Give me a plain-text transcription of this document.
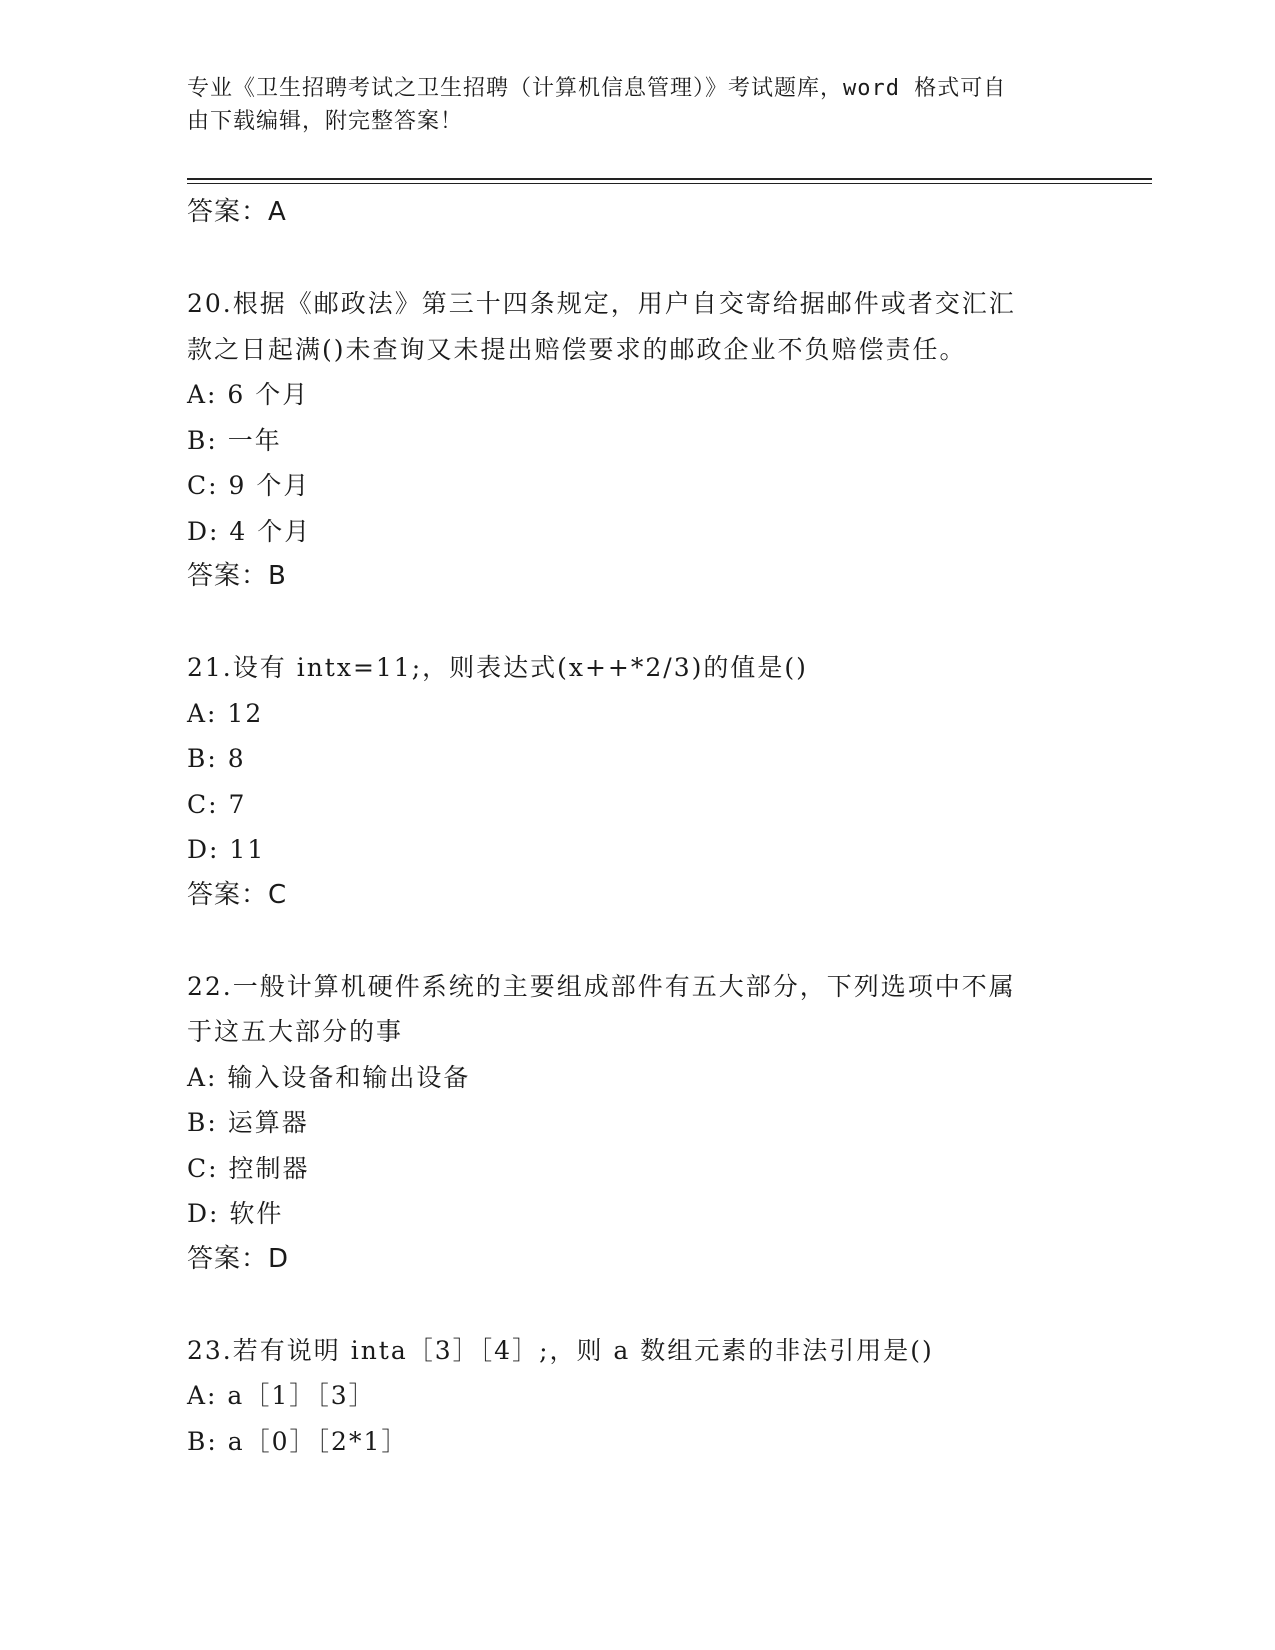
专业《卫生招聘考试之卫生招聘（计算机信息管理）》考试题库，word 格式可自
由下载编辑，附完整答案！
答案：A
20.根据《邮政法》第三十四条规定，用户自交寄给据邮件或者交汇汇
款之日起满()未查询又未提出赔偿要求的邮政企业不负赔偿责任。
A: 6 个月
B: 一年
C: 9 个月
D: 4 个月
答案：B
21.设有 intx=11;，则表达式(x++*2/3)的值是()
A: 12
B: 8
C: 7
D: 11
答案：C
22.一般计算机硬件系统的主要组成部件有五大部分，下列选项中不属
于这五大部分的事
A: 输入设备和输出设备
B: 运算器
C: 控制器
D: 软件
答案：D
23.若有说明 inta［3］［4］;，则 a 数组元素的非法引用是()
A: a［1］［3］
B: a［0］［2*1］
